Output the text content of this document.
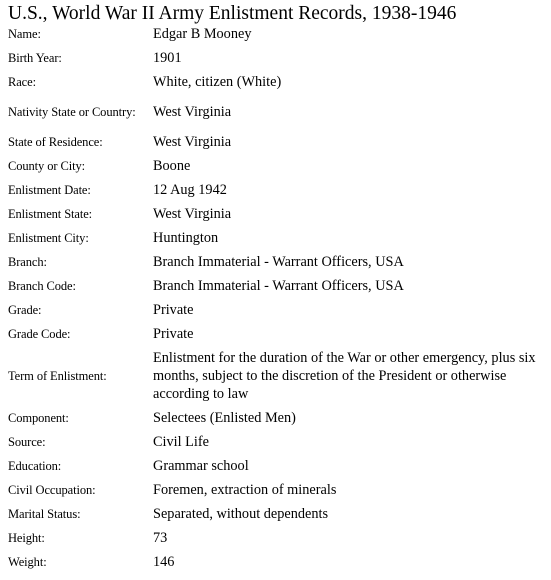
U.S., World War II Army Enlistment Records, 1938-1946
Name:	Edgar B Mooney
Birth Year:	1901
Race:	White, citizen (White)
Nativity State or Country:	West Virginia
State of Residence:	West Virginia
County or City:	Boone
Enlistment Date:	12 Aug 1942
Enlistment State:	West Virginia
Enlistment City:	Huntington
Branch:	Branch Immaterial - Warrant Officers, USA
Branch Code:	Branch Immaterial - Warrant Officers, USA
Grade:	Private
Grade Code:	Private
Term of Enlistment:
Enlistment for the duration of the War or other emergency, plus six months, subject to the discretion of the President or otherwise according to law
Component:	Selectees (Enlisted Men)
Source:	Civil Life
Education:	Grammar school
Civil Occupation:	Foremen, extraction of minerals
Marital Status:	Separated, without dependents
Height:	73
Weight:	146
